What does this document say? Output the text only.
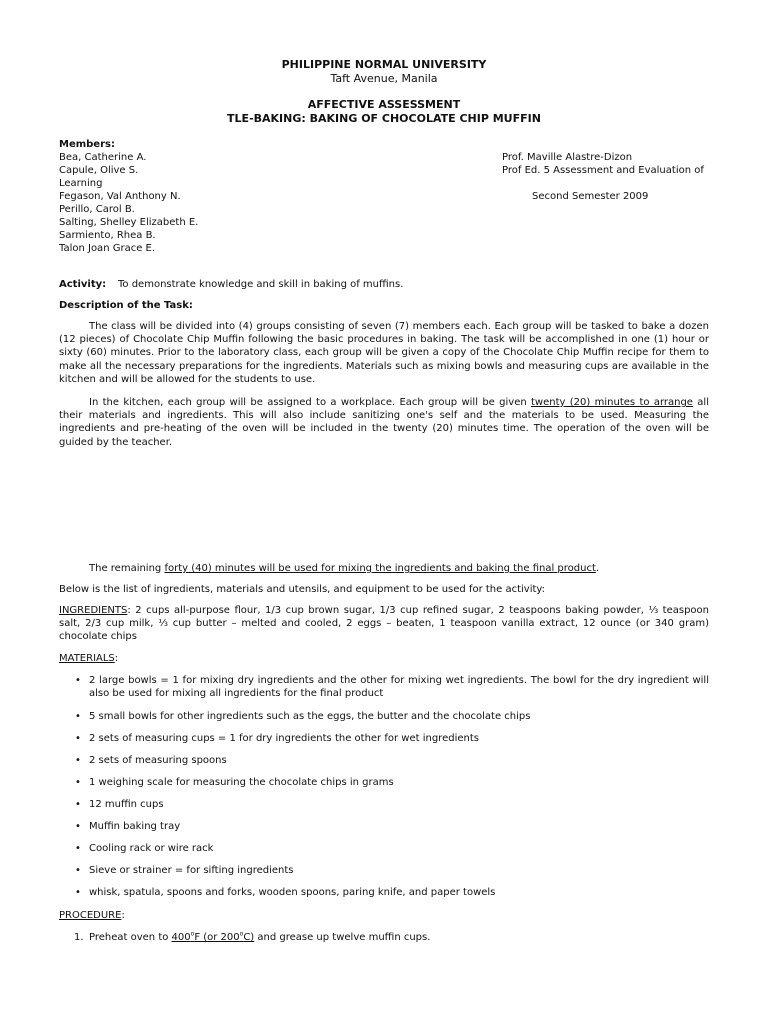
PHILIPPINE NORMAL UNIVERSITY
Taft Avenue, Manila
AFFECTIVE ASSESSMENT
TLE-BAKING: BAKING OF CHOCOLATE CHIP MUFFIN
Members:
Bea, Catherine A.
Capule, Olive S.
Learning
Fegason, Val Anthony N.
Perillo, Carol B.
Salting, Shelley Elizabeth E.
Sarmiento, Rhea B.
Talon Joan Grace E.
Prof. Maville Alastre-Dizon
Prof Ed. 5 Assessment and Evaluation of
Second Semester 2009
Activity: To demonstrate knowledge and skill in baking of muffins.
Description of the Task:
The class will be divided into (4) groups consisting of seven (7) members each. Each group will be tasked to bake a dozen (12 pieces) of Chocolate Chip Muffin following the basic procedures in baking. The task will be accomplished in one (1) hour or sixty (60) minutes. Prior to the laboratory class, each group will be given a copy of the Chocolate Chip Muffin recipe for them to make all the necessary preparations for the ingredients. Materials such as mixing bowls and measuring cups are available in the kitchen and will be allowed for the students to use.
In the kitchen, each group will be assigned to a workplace. Each group will be given twenty (20) minutes to arrange all their materials and ingredients. This will also include sanitizing one's self and the materials to be used. Measuring the ingredients and pre-heating of the oven will be included in the twenty (20) minutes time. The operation of the oven will be guided by the teacher.
The remaining forty (40) minutes will be used for mixing the ingredients and baking the final product.
Below is the list of ingredients, materials and utensils, and equipment to be used for the activity:
INGREDIENTS: 2 cups all-purpose flour, 1/3 cup brown sugar, 1/3 cup refined sugar, 2 teaspoons baking powder, ⅓ teaspoon salt, 2/3 cup milk, ⅓ cup butter – melted and cooled, 2 eggs – beaten, 1 teaspoon vanilla extract, 12 ounce (or 340 gram) chocolate chips
MATERIALS:
• 2 large bowls = 1 for mixing dry ingredients and the other for mixing wet ingredients. The bowl for the dry ingredient will also be used for mixing all ingredients for the final product
• 5 small bowls for other ingredients such as the eggs, the butter and the chocolate chips
• 2 sets of measuring cups = 1 for dry ingredients the other for wet ingredients
• 2 sets of measuring spoons
• 1 weighing scale for measuring the chocolate chips in grams
• 12 muffin cups
• Muffin baking tray
• Cooling rack or wire rack
• Sieve or strainer = for sifting ingredients
• whisk, spatula, spoons and forks, wooden spoons, paring knife, and paper towels
PROCEDURE:
1. Preheat oven to 400$^o$F (or 200$^o$C) and grease up twelve muffin cups.
